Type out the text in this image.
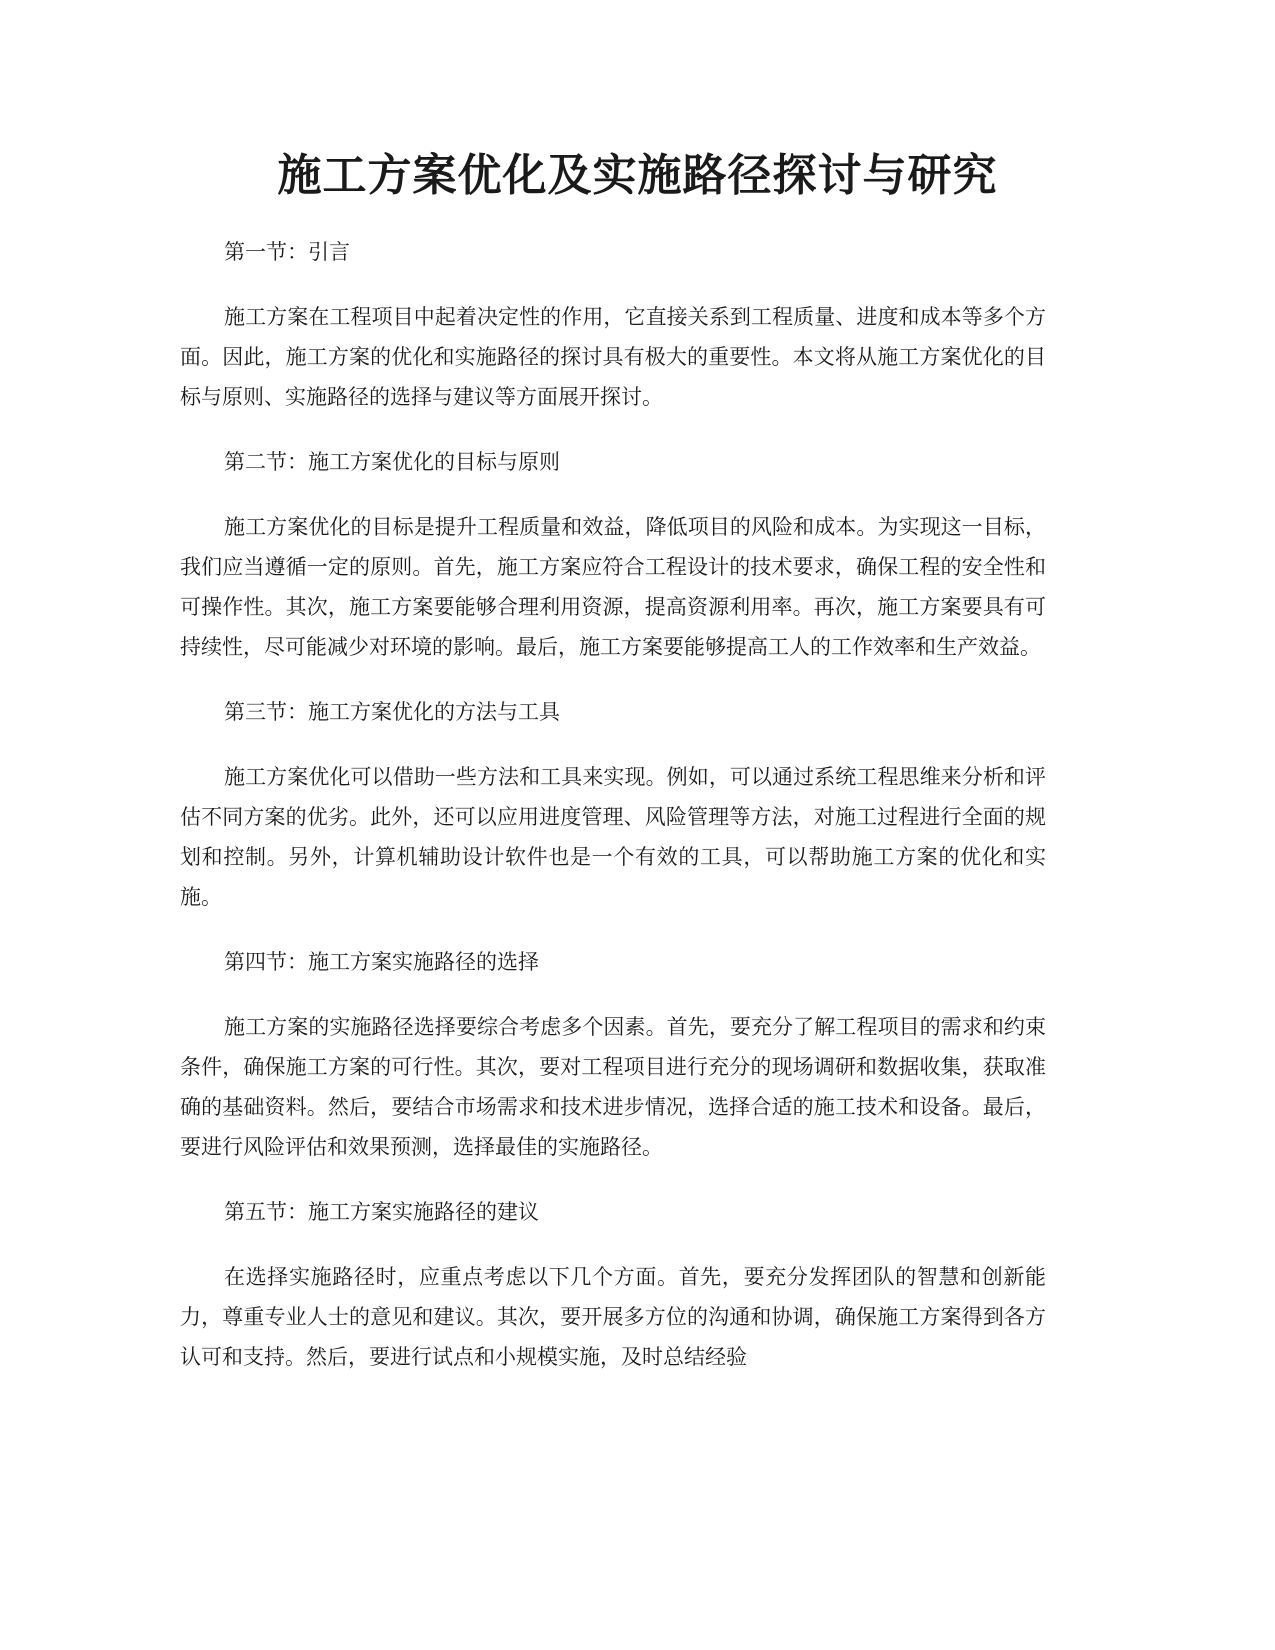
施工方案优化及实施路径探讨与研究

第一节：引言

施工方案在工程项目中起着决定性的作用，它直接关系到工程质量、进度和成本等多个方面。因此，施工方案的优化和实施路径的探讨具有极大的重要性。本文将从施工方案优化的目标与原则、实施路径的选择与建议等方面展开探讨。

第二节：施工方案优化的目标与原则

施工方案优化的目标是提升工程质量和效益，降低项目的风险和成本。为实现这一目标，我们应当遵循一定的原则。首先，施工方案应符合工程设计的技术要求，确保工程的安全性和可操作性。其次，施工方案要能够合理利用资源，提高资源利用率。再次，施工方案要具有可持续性，尽可能减少对环境的影响。最后，施工方案要能够提高工人的工作效率和生产效益。

第三节：施工方案优化的方法与工具

施工方案优化可以借助一些方法和工具来实现。例如，可以通过系统工程思维来分析和评估不同方案的优劣。此外，还可以应用进度管理、风险管理等方法，对施工过程进行全面的规划和控制。另外，计算机辅助设计软件也是一个有效的工具，可以帮助施工方案的优化和实施。

第四节：施工方案实施路径的选择

施工方案的实施路径选择要综合考虑多个因素。首先，要充分了解工程项目的需求和约束条件，确保施工方案的可行性。其次，要对工程项目进行充分的现场调研和数据收集，获取准确的基础资料。然后，要结合市场需求和技术进步情况，选择合适的施工技术和设备。最后，要进行风险评估和效果预测，选择最佳的实施路径。

第五节：施工方案实施路径的建议

在选择实施路径时，应重点考虑以下几个方面。首先，要充分发挥团队的智慧和创新能力，尊重专业人士的意见和建议。其次，要开展多方位的沟通和协调，确保施工方案得到各方认可和支持。然后，要进行试点和小规模实施，及时总结经验
